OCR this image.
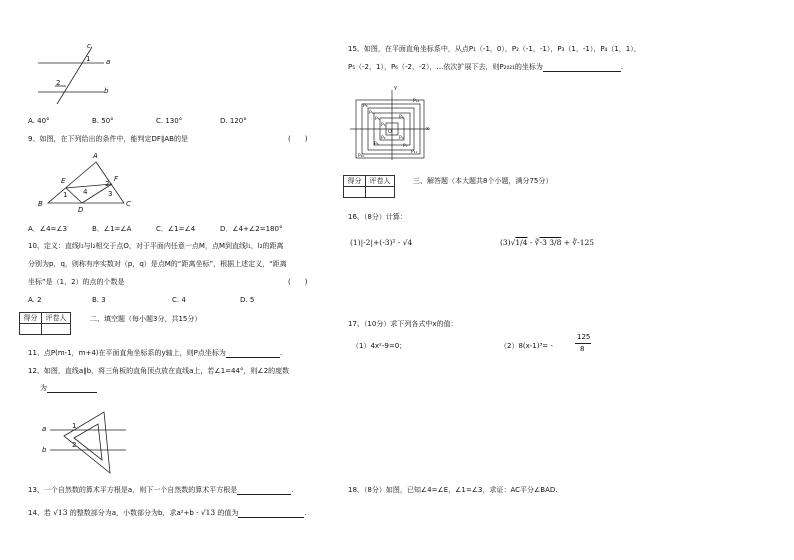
c
1 a
2
b
A. 40°	B. 50°	C. 130°	D. 120°
9、如图，在下列给出的条件中，能判定DF∥AB的是	(　　)
A
E	F
2
4
1	3
B
D
C
A．∠4=∠3	B．∠1=∠A	C．∠1=∠4	D．∠4+∠2=180°
10、定义：直线l₁与l₂相交于点O，对于平面内任意一点M，点M到直线l₁，l₂的距离
分别为p，q，则称有序实数对（p，q）是点M的“距离坐标”，根据上述定义，“距离
坐标”是（1，2）的点的个数是	(　　)
A. 2	B. 3	C. 4	D. 5
得分	评卷人
		二、填空题（每小题3分，共15分）
11、点P(m-1，m+4)在平面直角坐标系的y轴上，则P点坐标为	.
12、如图，直线a∥b，将三角板的直角顶点放在直线a上，若∠1=44°，则∠2的度数
为
a
b
1
2
13、一个自然数的算术平方根是a，则下一个自然数的算术平方根是	.
14、若 √13 的整数部分为a，小数部分为b，求a²+b - √13 的值为	.
15、如图，在平面直角坐标系中，从点P₁（-1，0），P₂（-1，-1），P₃（1，-1），P₄（1，1），
P₅（-2，1），P₆（-2，-2），…依次扩展下去，则P₂₀₂₁的坐标为	.
y
x
O
P₈
P₁₂
P₉
P₄
P₅
P₁
P₂	P₃
P₆	P₇
P₁₀
P₁₁
得分	评卷人
		三、解答题（本大题共8个小题，满分75分）
16、（8分）计算：
(1)|-2|+(-3)² - √4	(3)√1/4 - ∛-3 3/8 + ∛-125
17、（10分）求下列各式中x的值：
（1）4x²-9=0；	（2）8(x-1)³= -
125
8
18、（8分）如图，已知∠4=∠E，∠1=∠3，求证：AC平分∠BAD.
